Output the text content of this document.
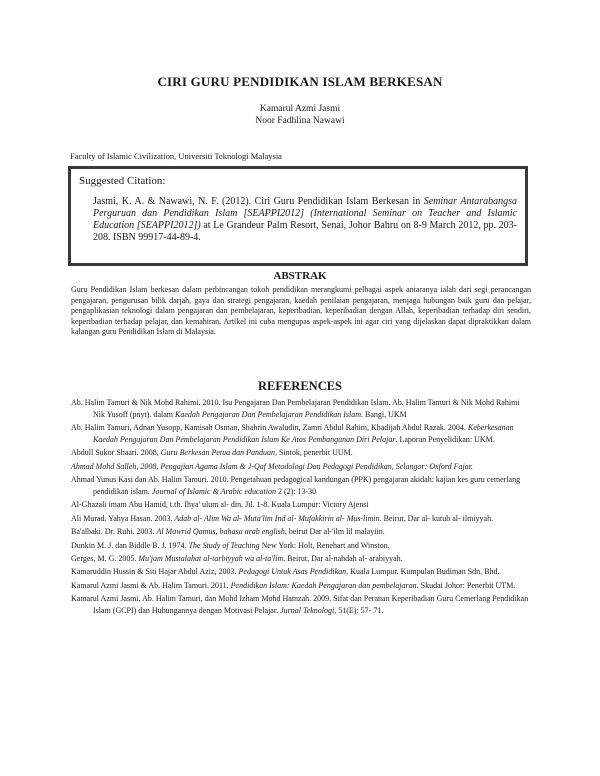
CIRI GURU PENDIDIKAN ISLAM BERKESAN
Kamarul Azmi Jasmi
Noor Fadhlina Nawawi
Faculty of Islamic Civilization, Universiti Teknologi Malaysia
Suggested Citation:
Jasmi, K. A. & Nawawi, N. F. (2012). Ciri Guru Pendidikan Islam Berkesan in Seminar Antarabangsa Perguruan dan Pendidikan Islam [SEAPPI2012] (International Seminar on Teacher and Islamic Education [SEAPPI2012]) at Le Grandeur Palm Resort, Senai, Johor Bahru on 8-9 March 2012, pp. 203-208. ISBN 99917-44-89-4.
ABSTRAK
Guru Pendidikan Islam berkesan dalam perbincangan tokoh pendidikan merangkumi pelbagai aspek antaranya ialah dari segi perancangan pengajaran, pengurusan bilik darjah, gaya dan strategi pengajaran, kaedah penilaian pengajaran, menjaga hubungan baik guru dan pelajar, pengaplikasian teknologi dalam pengajaran dan pembelajaran, keperibadian, keperibadian dengan Allah, keperibadian terhadap diri sendiri, keperibadian terhadap pelajar, dan kemahiran. Artikel ini cuba mengupas aspek-aspek ini agar ciri yang dijelaskan dapat dipraktikkan dalam kalangan guru Pendidikan Islam di Malaysia.
REFERENCES
Ab. Halim Tamuri & Nik Mohd Rahimi. 2010. Isu Pengajaran Dan Pembelajaran Pendidikan Islam. Ab. Halim Tamuri & Nik Mohd Rahimi Nik Yusoff (pnyt). dalam Kaedah Pengajaran Dan Pembelajaran Pendidikan Islam. Bangi, UKM
Ab. Halim Tamuri, Adnan Yusopp, Kamisah Osman, Shahrin Awaludin, Zamri Abdul Rahim, Khadijah Abdul Razak. 2004. Keberkesanan Kaedah Pengajaran Dan Pembelajaran Pendidikan Islam Ke Atas Pembangunan Diri Pelajar. Laporan Penyelidikan: UKM.
Abdull Sukor Shaari. 2008, Guru Berkesan Petua dan Panduan, Sintok, penerbit UUM.
Ahmad Mohd Salleh, 2008, Pengajian Agama Islam & J-Qaf Metodologi Dan Pedagogi Pendidikan, Selangor: Oxford Fajar.
Ahmad Yunus Kasi dan Ab. Halim Tamuri. 2010. Pengetahuan pedagogical kandungan (PPK) pengajaran akidah: kajian kes guru cemerlang pendidikan islam. Journal of Islamic & Arabic education 2 (2): 13-30
Al-Ghazali imam Abu Hamid, t.th. Ihya' ulum al- din. Jil. 1-8. Kuala Lumpur: Victory Ajensi
Ali Murad. Yahya Hasan. 2003. Adab al- Alim Wa al- Muta'lim Ind al- Mufakkirin al- Mus-limin. Beirut, Dar al- kutub al- ilmiyyah.
Ba'albaki. Dr. Ruhi. 2003. Al Mawrid Qamus, bahasa arab english, beirut Dar al-'ilm lil malayiin.
Dunkin M. J. dan Biddle B. J. 1974. The Study of Teaching New York: Holt, Renehart and Winston.
Gerges, M. G. 2005. Mu'jam Mustalahat al-tarbiyyah wa al-ta'lim. Beirut, Dar al-nahdah al- arabiyyah.
Kamaruddin Hussin & Siti Hajar Abdul Aziz, 2003. Pedagogi Untuk Asas Pendidikan. Kuala Lumpur. Kumpulan Budiman Sdn. Bhd.
Kamarul Azmi Jasmi & Ab. Halim Tamuri. 2011. Pendidikan Islam: Kaedah Pengajaran dan pembelajaran. Skudai Johor: Penerbit UTM.
Kamarul Azmi Jasmi, Ab. Halim Tamuri, dan Mohd Izham Mohd Hamzah. 2009. Sifat dan Peranan Keperibadian Guru Cemerlang Pendidikan Islam (GCPI) dan Hubungannya dengan Motivasi Pelajar. Jurnal Teknologi, 51(E): 57- 71.
